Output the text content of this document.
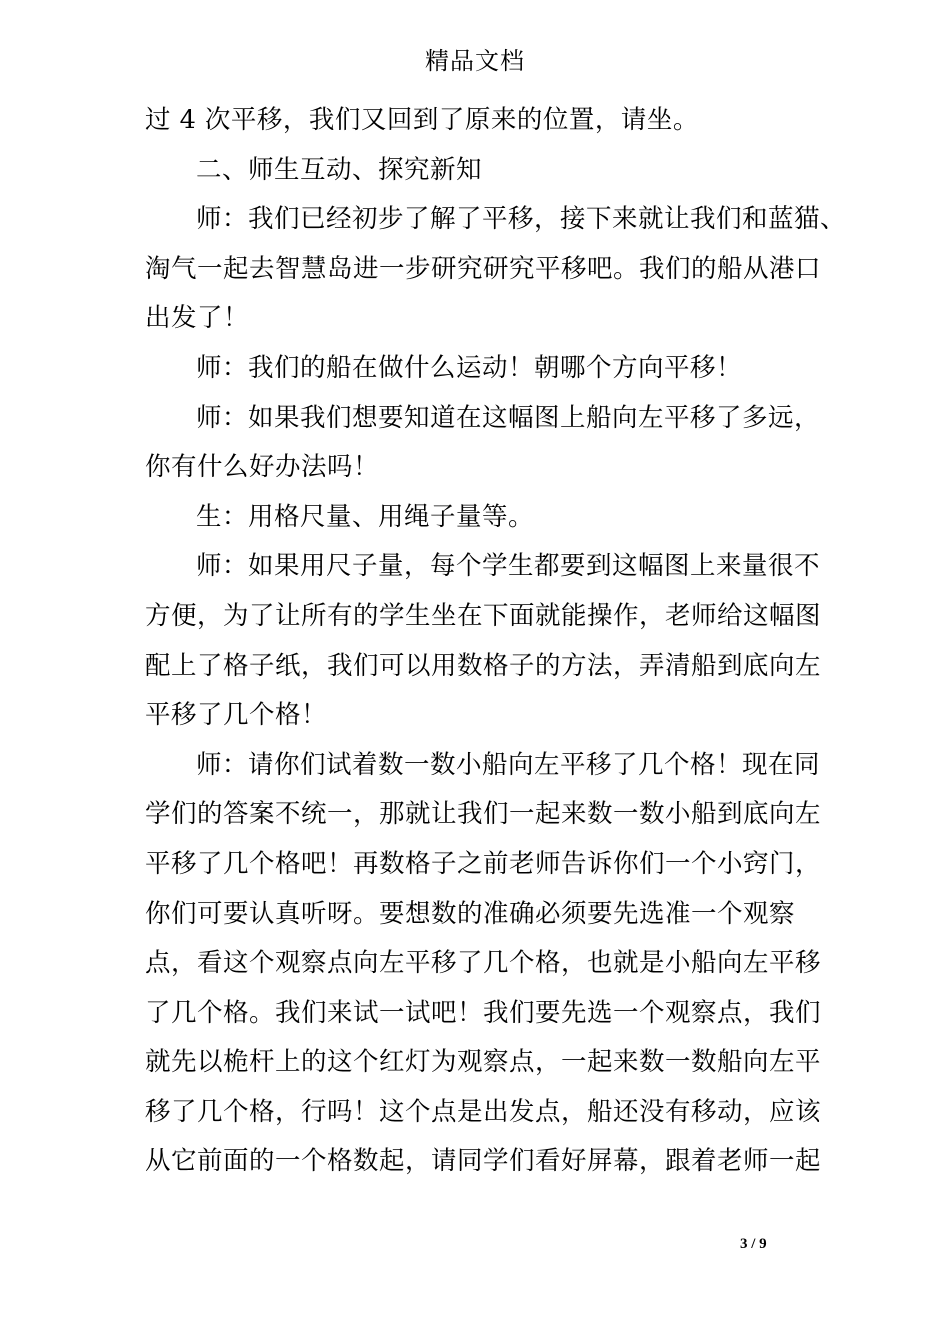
精品文档

过 4 次平移，我们又回到了原来的位置，请坐。

二、师生互动、探究新知

师：我们已经初步了解了平移，接下来就让我们和蓝猫、
淘气一起去智慧岛进一步研究研究平移吧。我们的船从港口
出发了！

师：我们的船在做什么运动！朝哪个方向平移！

师：如果我们想要知道在这幅图上船向左平移了多远，
你有什么好办法吗！

生：用格尺量、用绳子量等。

师：如果用尺子量，每个学生都要到这幅图上来量很不
方便，为了让所有的学生坐在下面就能操作，老师给这幅图
配上了格子纸，我们可以用数格子的方法，弄清船到底向左
平移了几个格！

师：请你们试着数一数小船向左平移了几个格！现在同
学们的答案不统一，那就让我们一起来数一数小船到底向左
平移了几个格吧！再数格子之前老师告诉你们一个小窍门，
你们可要认真听呀。要想数的准确必须要先选准一个观察
点，看这个观察点向左平移了几个格，也就是小船向左平移
了几个格。我们来试一试吧！我们要先选一个观察点，我们
就先以桅杆上的这个红灯为观察点，一起来数一数船向左平
移了几个格，行吗！这个点是出发点，船还没有移动，应该
从它前面的一个格数起，请同学们看好屏幕，跟着老师一起

3 / 9
